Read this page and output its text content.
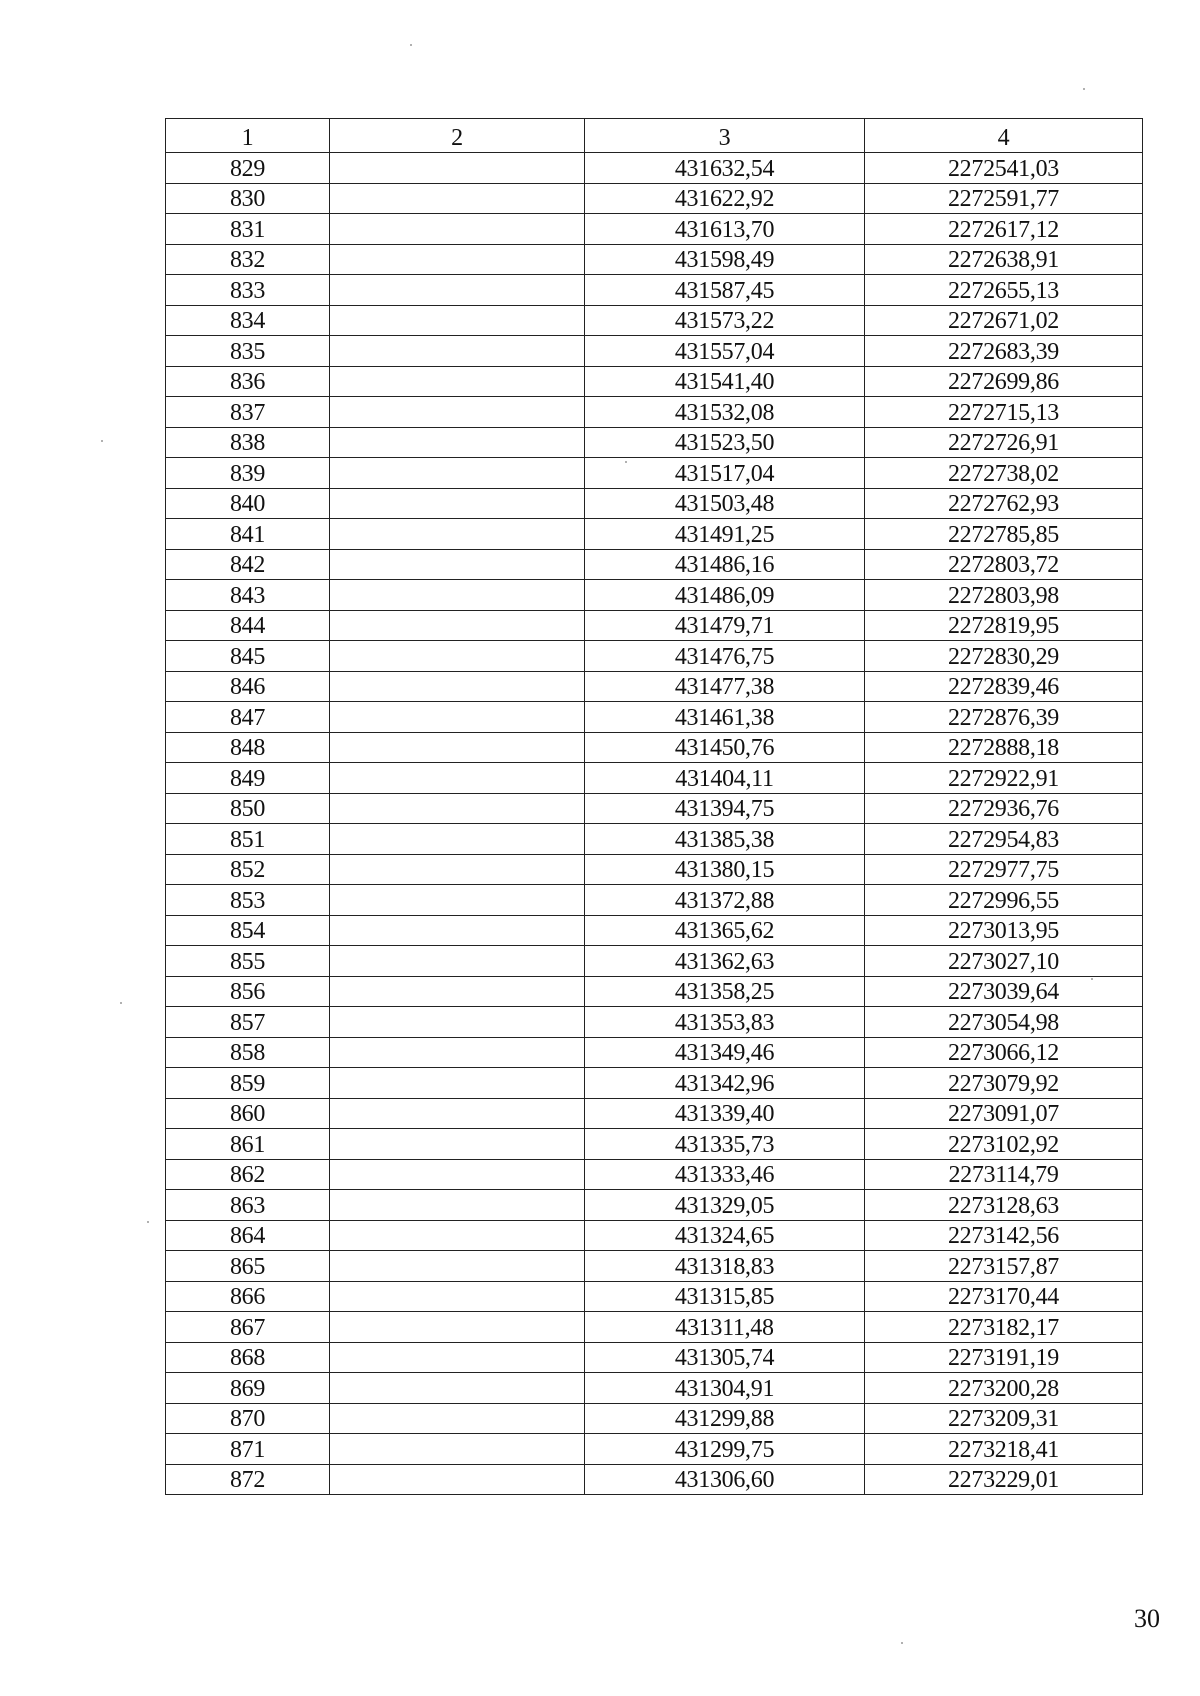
1	2	3	4
829		431632,54	2272541,03
830		431622,92	2272591,77
831		431613,70	2272617,12
832		431598,49	2272638,91
833		431587,45	2272655,13
834		431573,22	2272671,02
835		431557,04	2272683,39
836		431541,40	2272699,86
837		431532,08	2272715,13
838		431523,50	2272726,91
839		431517,04	2272738,02
840		431503,48	2272762,93
841		431491,25	2272785,85
842		431486,16	2272803,72
843		431486,09	2272803,98
844		431479,71	2272819,95
845		431476,75	2272830,29
846		431477,38	2272839,46
847		431461,38	2272876,39
848		431450,76	2272888,18
849		431404,11	2272922,91
850		431394,75	2272936,76
851		431385,38	2272954,83
852		431380,15	2272977,75
853		431372,88	2272996,55
854		431365,62	2273013,95
855		431362,63	2273027,10
856		431358,25	2273039,64
857		431353,83	2273054,98
858		431349,46	2273066,12
859		431342,96	2273079,92
860		431339,40	2273091,07
861		431335,73	2273102,92
862		431333,46	2273114,79
863		431329,05	2273128,63
864		431324,65	2273142,56
865		431318,83	2273157,87
866		431315,85	2273170,44
867		431311,48	2273182,17
868		431305,74	2273191,19
869		431304,91	2273200,28
870		431299,88	2273209,31
871		431299,75	2273218,41
872		431306,60	2273229,01
30
